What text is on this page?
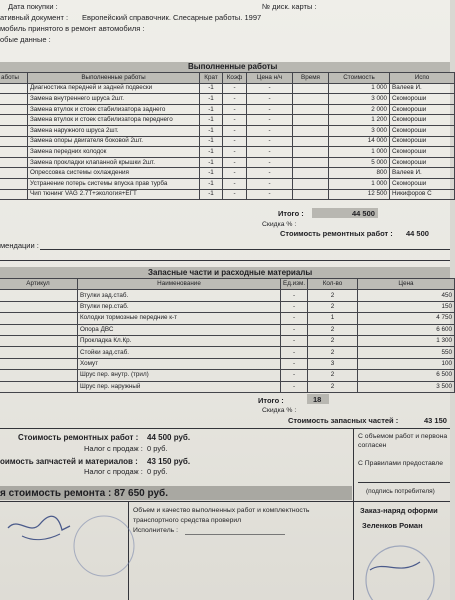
Дата покупки :	№ диск. карты :
ативный документ : Европейский справочник. Слесарные работы. 1997
мобиль принятого в ремонт автомобиля :
обые данные :
Выполненные работы
аботы	Выполненные работы	Крат	Коэф	Цена н/ч	Время	Стоимость	Испо
	Диагностика передней и задней подвески	-1	-	-		1 000	Валеев И.
	Замена внутреннего шруса 2шт.	-1	-	-		3 000	Скомороши
	Замена втулок и стоек стабилизатора заднего	-1	-	-		2 000	Скомороши
	Замена втулок и стоек стабилизатора переднего	-1	-	-		1 200	Скомороши
	Замена наружного шруса 2шт.	-1	-	-		3 000	Скомороши
	Замена опоры двигателя боковой 2шт.	-1	-	-		14 000	Скомороши
	Замена передних колодок	-1	-	-		1 000	Скомороши
	Замена прокладки клапанной крышки 2шт.	-1	-	-		5 000	Скомороши
	Опрессовка системы охлаждения	-1	-	-		800	Валеев И.
	Устранение потерь системы впуска прав турба	-1	-	-		1 000	Скомороши
	Чип тюнинг VAG 2.7T+экология+EГТ	-1	-	-		12 500	Никифоров С
Итого :	44 500
Скидка % :
Стоимость ремонтных работ : 44 500
мендации :
Запасные части и расходные материалы
Артикул	Наименование	Ед.изм.	Кол-во	Цена
	Втулки зад.стаб.	-	2	450
	Втулки пер.стаб.	-	2	150
	Колодки тормозные передние к-т	-	1	4 750
	Опора ДВС	-	2	6 600
	Прокладка Кл.Кр.	-	2	1 300
	Стойки зад.стаб.	-	2	550
	Хомут	-	3	100
	Шрус пер. внутр. (трил)	-	2	6 500
	Шрус пер. наружный	-	2	3 500
Итого :	18
Скидка % :
Стоимость запасных частей :	43 150
Стоимость ремонтных работ : 44 500 руб.
Налог с продаж : 0 руб.
оимость запчастей и материалов : 43 150 руб.
Налог с продаж : 0 руб.
я стоимость ремонта : 87 650 руб.
С объемом работ и первона
согласен
С Правилами предоставле
(подпись потребителя)
Объем и качество выполненных работ и комплектность
транспортного средства проверил
Исполнитель :
Заказ-наряд оформи
Зеленков Роман
